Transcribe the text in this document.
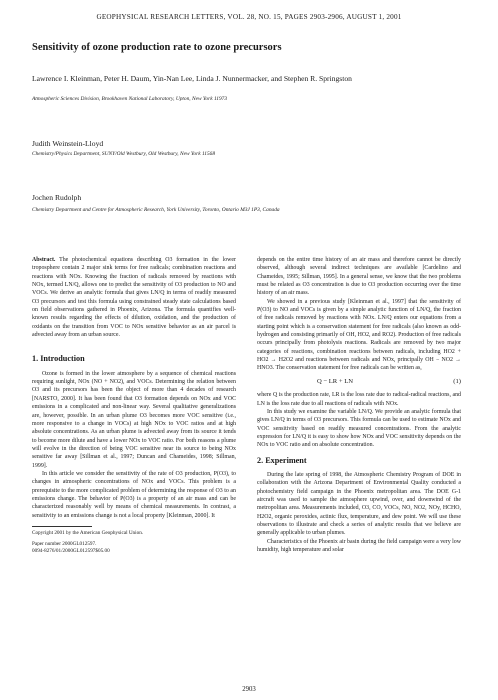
GEOPHYSICAL RESEARCH LETTERS, VOL. 28, NO. 15, PAGES 2903-2906, AUGUST 1, 2001
Sensitivity of ozone production rate to ozone precursors
Lawrence I. Kleinman, Peter H. Daum, Yin-Nan Lee, Linda J. Nunnermacker, and Stephen R. Springston
Atmospheric Sciences Division, Brookhaven National Laboratory, Upton, New York 11973
Judith Weinstein-Lloyd
Chemistry/Physics Department, SUNY/Old Westbury, Old Westbury, New York 11568
Jochen Rudolph
Chemistry Department and Centre for Atmospheric Research, York University, Toronto, Ontario M3J 1P3, Canada

Abstract. The photochemical equations describing O3 formation in the lower troposphere contain 2 major sink terms for free radicals; combination reactions and reactions with NOx. Knowing the fraction of radicals removed by reactions with NOx, termed LN/Q, allows one to predict the sensitivity of O3 production to NO and VOCs. We derive an analytic formula that gives LN/Q in terms of readily measured O3 precursors and test this formula using constrained steady state calculations based on field observations gathered in Phoenix, Arizona. The formula quantifies well-known results regarding the effects of dilution, oxidation, and the production of oxidants on the transition from VOC to NOx sensitive behavior as an air parcel is advected away from an urban source.

1. Introduction

Ozone is formed in the lower atmosphere by a sequence of chemical reactions requiring sunlight, NOx (NO + NO2), and VOCs. Determining the relation between O3 and its precursors has been the object of more than 4 decades of research [NARSTO, 2000]. It has been found that O3 formation depends on NOx and VOC emissions in a complicated and non-linear way. Several qualitative generalizations are, however, possible. In an urban plume O3 becomes more VOC sensitive (i.e., more responsive to a change in VOCs) at high NOx to VOC ratios and at high absolute concentrations. As an urban plume is advected away from its source it tends to become more dilute and have a lower NOx to VOC ratio. For both reasons a plume will evolve in the direction of being VOC sensitive near its source to being NOx sensitive far away [Sillman et al., 1997; Duncan and Chameides, 1998; Sillman, 1999].

In this article we consider the sensitivity of the rate of O3 production, P(O3), to changes in atmospheric concentrations of NOx and VOCs. This problem is a prerequisite to the more complicated problem of determining the response of O3 to an emissions change. The behavior of P(O3) is a property of an air mass and can be characterized reasonably well by means of chemical measurements. In contrast, a sensitivity to an emissions change is not a local property [Kleinman, 2000]. It

Copyright 2001 by the American Geophysical Union.

Paper number 2000GL012597.

0094-8276/01/2000GL012597$05.00

depends on the entire time history of an air mass and therefore cannot be directly observed, although several indirect techniques are available [Cardelino and Chameides, 1995; Sillman, 1995]. In a general sense, we know that the two problems must be related as O3 concentration is due to O3 production occurring over the time history of an air mass.

We showed in a previous study [Kleinman et al., 1997] that the sensitivity of P(O3) to NO and VOCs is given by a simple analytic function of LN/Q, the fraction of free radicals removed by reactions with NOx. LN/Q enters our equations from a starting point which is a conservation statement for free radicals (also known as odd-hydrogen and consisting primarily of OH, HO2, and RO2). Production of free radicals occurs principally from photolysis reactions. Radicals are removed by two major categories of reactions, combination reactions between radicals, including HO2 + HO2 → H2O2 and reactions between radicals and NOx, principally OH − NO2 → HNO3. The conservation statement for free radicals can be written as,

Q − LR + LN	(1)

where Q is the production rate, LR is the loss rate due to radical-radical reactions, and LN is the loss rate due to all reactions of radicals with NOx.

In this study we examine the variable LN/Q. We provide an analytic formula that gives LN/Q in terms of O3 precursors. This formula can be used to estimate NOx and VOC sensitivity based on readily measured concentrations. From the analytic expression for LN/Q it is easy to show how NOx and VOC sensitivity depends on the NOx to VOC ratio and on absolute concentration.

2. Experiment

During the late spring of 1998, the Atmospheric Chemistry Program of DOE in collaboration with the Arizona Department of Environmental Quality conducted a photochemistry field campaign in the Phoenix metropolitan area. The DOE G-1 aircraft was used to sample the atmosphere upwind, over, and downwind of the metropolitan area. Measurements included, O3, CO, VOCs, NO, NO2, NOy, HCHO, H2O2, organic peroxides, actinic flux, temperature, and dew point. We will use these observations to illustrate and check a series of analytic results that we believe are generally applicable to urban plumes.

Characteristics of the Phoenix air basin during the field campaign were a very low humidity, high temperature and solar

2903
